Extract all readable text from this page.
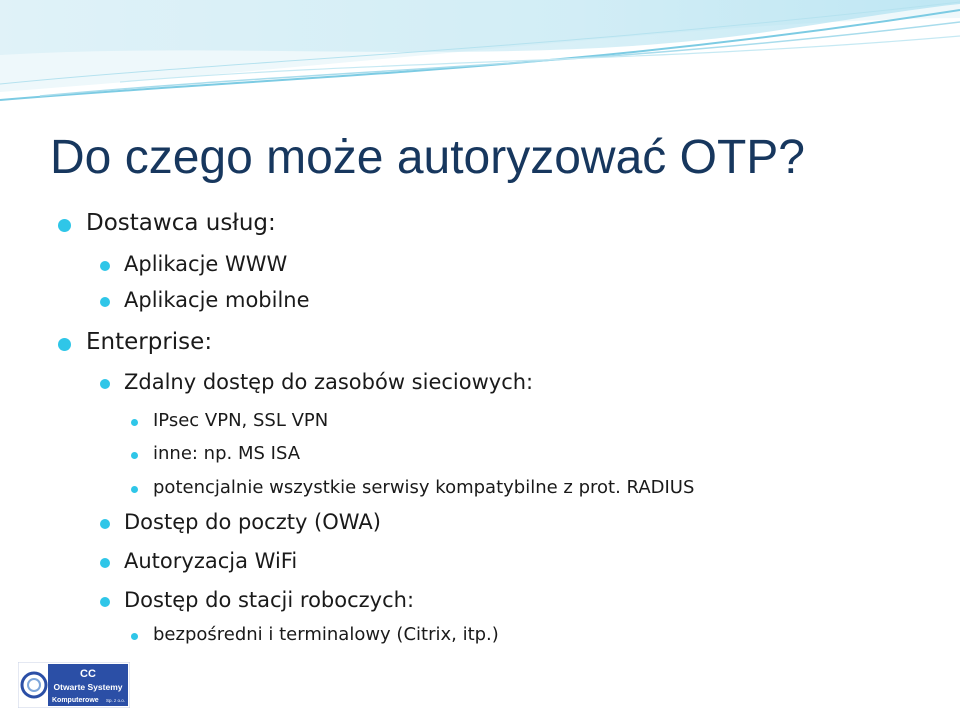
Do czego może autoryzować OTP?
Dostawca usług:
Aplikacje WWW
Aplikacje mobilne
Enterprise:
Zdalny dostęp do zasobów sieciowych:
IPsec VPN, SSL VPN
inne: np. MS ISA
potencjalnie wszystkie serwisy kompatybilne z prot. RADIUS
Dostęp do poczty (OWA)
Autoryzacja WiFi
Dostęp do stacji roboczych:
bezpośredni i terminalowy (Citrix, itp.)
CC
Otwarte Systemy
Komputerowe Sp. z o.o.
